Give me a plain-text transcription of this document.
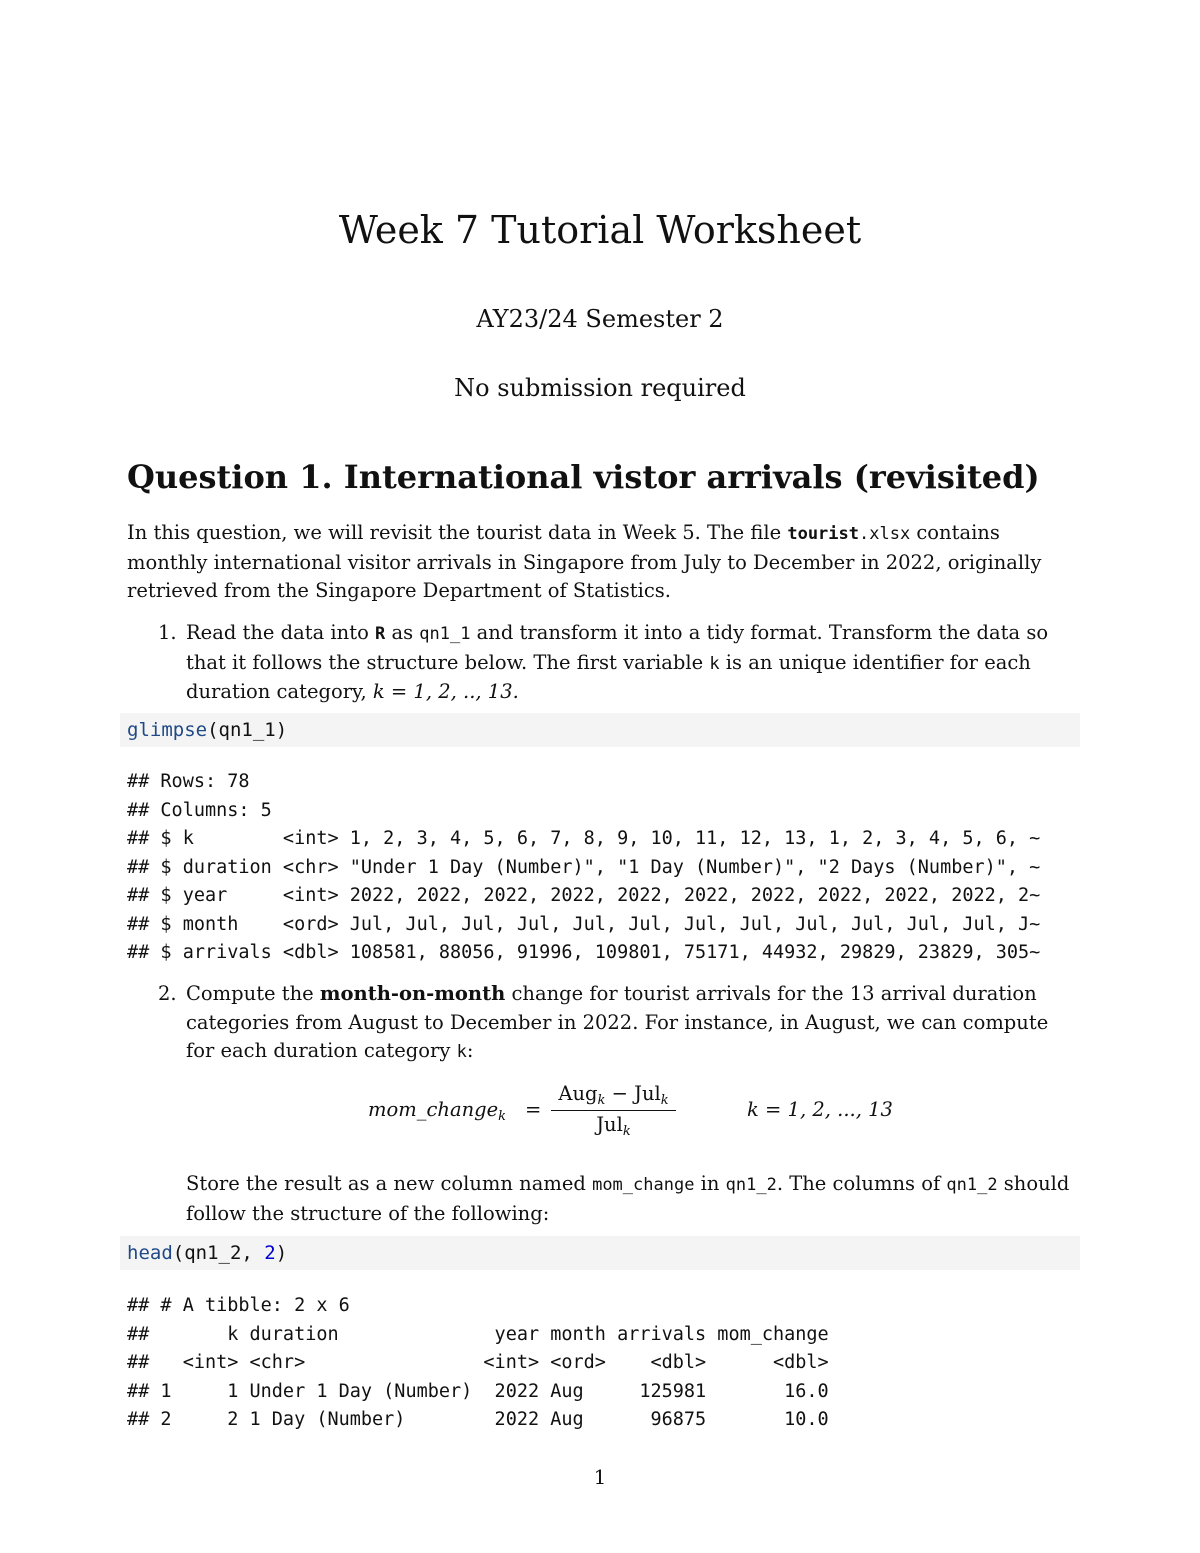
Week 7 Tutorial Worksheet
AY23/24 Semester 2
No submission required
Question 1. International vistor arrivals (revisited)

In this question, we will revisit the tourist data in Week 5. The file tourist.xlsx contains monthly international visitor arrivals in Singapore from July to December in 2022, originally retrieved from the Singapore Department of Statistics.

1. Read the data into R as qn1_1 and transform it into a tidy format. Transform the data so that it follows the structure below. The first variable k is an unique identifier for each duration category, k = 1, 2, .., 13.
glimpse(qn1_1)
## Rows: 78
## Columns: 5
## $ k        <int> 1, 2, 3, 4, 5, 6, 7, 8, 9, 10, 11, 12, 13, 1, 2, 3, 4, 5, 6, ~
## $ duration <chr> "Under 1 Day (Number)", "1 Day (Number)", "2 Days (Number)", ~
## $ year     <int> 2022, 2022, 2022, 2022, 2022, 2022, 2022, 2022, 2022, 2022, 2~
## $ month    <ord> Jul, Jul, Jul, Jul, Jul, Jul, Jul, Jul, Jul, Jul, Jul, Jul, J~
## $ arrivals <dbl> 108581, 88056, 91996, 109801, 75171, 44932, 29829, 23829, 305~
2. Compute the month-on-month change for tourist arrivals for the 13 arrival duration categories from August to December in 2022. For instance, in August, we can compute for each duration category k:
mom_change$_k$ =
Aug$_k$ − Jul$_k$
Jul$_k$
k = 1, 2, ..., 13
Store the result as a new column named mom_change in qn1_2. The columns of qn1_2 should follow the structure of the following:
head(qn1_2, 2)
## # A tibble: 2 x 6
##       k duration              year month arrivals mom_change
##   <int> <chr>                <int> <ord>    <dbl>      <dbl>
## 1     1 Under 1 Day (Number)  2022 Aug     125981       16.0
## 2     2 1 Day (Number)        2022 Aug      96875       10.0
1
